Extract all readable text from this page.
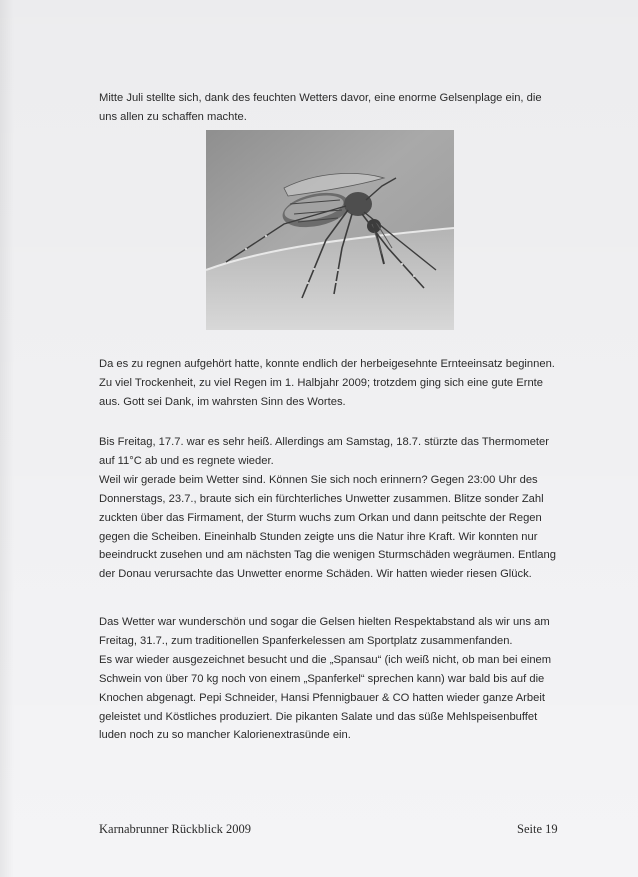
Mitte Juli stellte sich, dank des feuchten Wetters davor, eine enorme Gelsenplage ein, die
uns allen zu schaffen machte.

Da es zu regnen aufgehört hatte, konnte endlich der herbeigesehnte Ernteeinsatz beginnen.
Zu viel Trockenheit, zu viel Regen im 1. Halbjahr 2009; trotzdem ging sich eine gute Ernte
aus. Gott sei Dank, im wahrsten Sinn des Wortes.

Bis Freitag, 17.7. war es sehr heiß. Allerdings am Samstag, 18.7. stürzte das Thermometer
auf 11°C ab und es regnete wieder.
Weil wir gerade beim Wetter sind. Können Sie sich noch erinnern? Gegen 23:00 Uhr des
Donnerstags, 23.7., braute sich ein fürchterliches Unwetter zusammen. Blitze sonder Zahl
zuckten über das Firmament, der Sturm wuchs zum Orkan und dann peitschte der Regen
gegen die Scheiben. Eineinhalb Stunden zeigte uns die Natur ihre Kraft. Wir konnten nur
beeindruckt zusehen und am nächsten Tag die wenigen Sturmschäden wegräumen. Entlang
der Donau verursachte das Unwetter enorme Schäden. Wir hatten wieder riesen Glück.

Das Wetter war wunderschön und sogar die Gelsen hielten Respektabstand als wir uns am
Freitag, 31.7., zum traditionellen Spanferkelessen am Sportplatz zusammenfanden.
Es war wieder ausgezeichnet besucht und die „Spansau“ (ich weiß nicht, ob man bei einem
Schwein von über 70 kg noch von einem „Spanferkel“ sprechen kann) war bald bis auf die
Knochen abgenagt. Pepi Schneider, Hansi Pfennigbauer & CO hatten wieder ganze Arbeit
geleistet und Köstliches produziert. Die pikanten Salate und das süße Mehlspeisenbuffet
luden noch zu so mancher Kalorienextrasünde ein.

Karnabrunner Rückblick 2009	Seite 19
